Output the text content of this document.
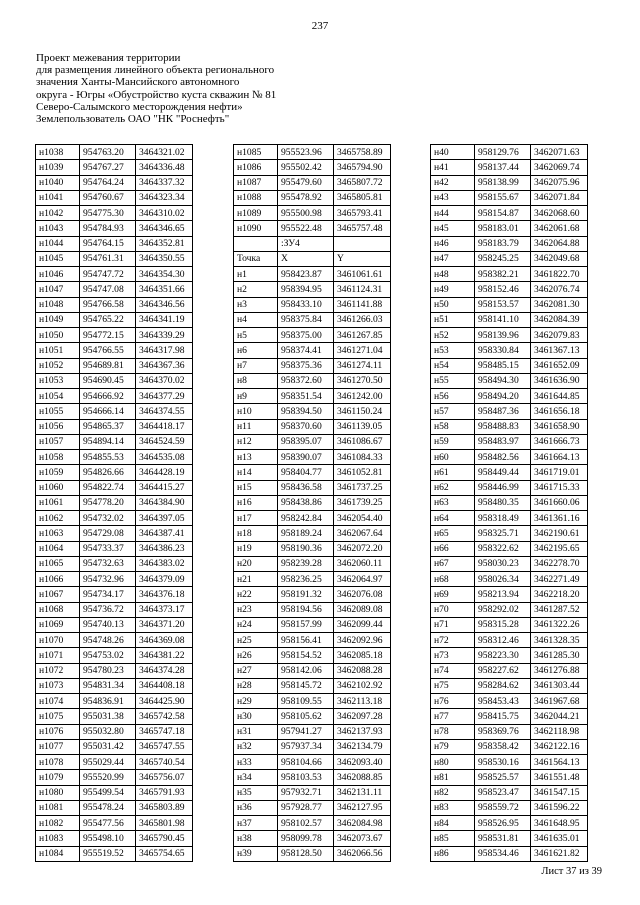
237
Проект межевания территории
для размещения линейного объекта регионального
значения Ханты-Мансийского автономного
округа - Югры «Обустройство куста скважин № 81
Северо-Салымского месторождения нефти»
Землепользователь ОАО "НК "Роснефть"
н1038	954763.20	3464321.02
н1039	954767.27	3464336.48
н1040	954764.24	3464337.32
н1041	954760.67	3464323.34
н1042	954775.30	3464310.02
н1043	954784.93	3464346.65
н1044	954764.15	3464352.81
н1045	954761.31	3464350.55
н1046	954747.72	3464354.30
н1047	954747.08	3464351.66
н1048	954766.58	3464346.56
н1049	954765.22	3464341.19
н1050	954772.15	3464339.29
н1051	954766.55	3464317.98
н1052	954689.81	3464367.36
н1053	954690.45	3464370.02
н1054	954666.92	3464377.29
н1055	954666.14	3464374.55
н1056	954865.37	3464418.17
н1057	954894.14	3464524.59
н1058	954855.53	3464535.08
н1059	954826.66	3464428.19
н1060	954822.74	3464415.27
н1061	954778.20	3464384.90
н1062	954732.02	3464397.05
н1063	954729.08	3464387.41
н1064	954733.37	3464386.23
н1065	954732.63	3464383.02
н1066	954732.96	3464379.09
н1067	954734.17	3464376.18
н1068	954736.72	3464373.17
н1069	954740.13	3464371.20
н1070	954748.26	3464369.08
н1071	954753.02	3464381.22
н1072	954780.23	3464374.28
н1073	954831.34	3464408.18
н1074	954836.91	3464425.90
н1075	955031.38	3465742.58
н1076	955032.80	3465747.18
н1077	955031.42	3465747.55
н1078	955029.44	3465740.54
н1079	955520.99	3465756.07
н1080	955499.54	3465791.93
н1081	955478.24	3465803.89
н1082	955477.56	3465801.98
н1083	955498.10	3465790.45
н1084	955519.52	3465754.65
н1085	955523.96	3465758.89
н1086	955502.42	3465794.90
н1087	955479.60	3465807.72
н1088	955478.92	3465805.81
н1089	955500.98	3465793.41
н1090	955522.48	3465757.48
	:ЗУ4	
Точка	X	Y
н1	958423.87	3461061.61
н2	958394.95	3461124.31
н3	958433.10	3461141.88
н4	958375.84	3461266.03
н5	958375.00	3461267.85
н6	958374.41	3461271.04
н7	958375.36	3461274.11
н8	958372.60	3461270.50
н9	958351.54	3461242.00
н10	958394.50	3461150.24
н11	958370.60	3461139.05
н12	958395.07	3461086.67
н13	958390.07	3461084.33
н14	958404.77	3461052.81
н15	958436.58	3461737.25
н16	958438.86	3461739.25
н17	958242.84	3462054.40
н18	958189.24	3462067.64
н19	958190.36	3462072.20
н20	958239.28	3462060.11
н21	958236.25	3462064.97
н22	958191.32	3462076.08
н23	958194.56	3462089.08
н24	958157.99	3462099.44
н25	958156.41	3462092.96
н26	958154.52	3462085.18
н27	958142.06	3462088.28
н28	958145.72	3462102.92
н29	958109.55	3462113.18
н30	958105.62	3462097.28
н31	957941.27	3462137.93
н32	957937.34	3462134.79
н33	958104.66	3462093.40
н34	958103.53	3462088.85
н35	957932.71	3462131.11
н36	957928.77	3462127.95
н37	958102.57	3462084.98
н38	958099.78	3462073.67
н39	958128.50	3462066.56
н40	958129.76	3462071.63
н41	958137.44	3462069.74
н42	958138.99	3462075.96
н43	958155.67	3462071.84
н44	958154.87	3462068.60
н45	958183.01	3462061.68
н46	958183.79	3462064.88
н47	958245.25	3462049.68
н48	958382.21	3461822.70
н49	958152.46	3462076.74
н50	958153.57	3462081.30
н51	958141.10	3462084.39
н52	958139.96	3462079.83
н53	958330.84	3461367.13
н54	958485.15	3461652.09
н55	958494.30	3461636.90
н56	958494.20	3461644.85
н57	958487.36	3461656.18
н58	958488.83	3461658.90
н59	958483.97	3461666.73
н60	958482.56	3461664.13
н61	958449.44	3461719.01
н62	958446.99	3461715.33
н63	958480.35	3461660.06
н64	958318.49	3461361.16
н65	958325.71	3462190.61
н66	958322.62	3462195.65
н67	958030.23	3462278.70
н68	958026.34	3462271.49
н69	958213.94	3462218.20
н70	958292.02	3461287.52
н71	958315.28	3461322.26
н72	958312.46	3461328.35
н73	958223.30	3461285.30
н74	958227.62	3461276.88
н75	958284.62	3461303.44
н76	958453.43	3461967.68
н77	958415.75	3462044.21
н78	958369.76	3462118.98
н79	958358.42	3462122.16
н80	958530.16	3461564.13
н81	958525.57	3461551.48
н82	958523.47	3461547.15
н83	958559.72	3461596.22
н84	958526.95	3461648.95
н85	958531.81	3461635.01
н86	958534.46	3461621.82
Лист 37 из 39
